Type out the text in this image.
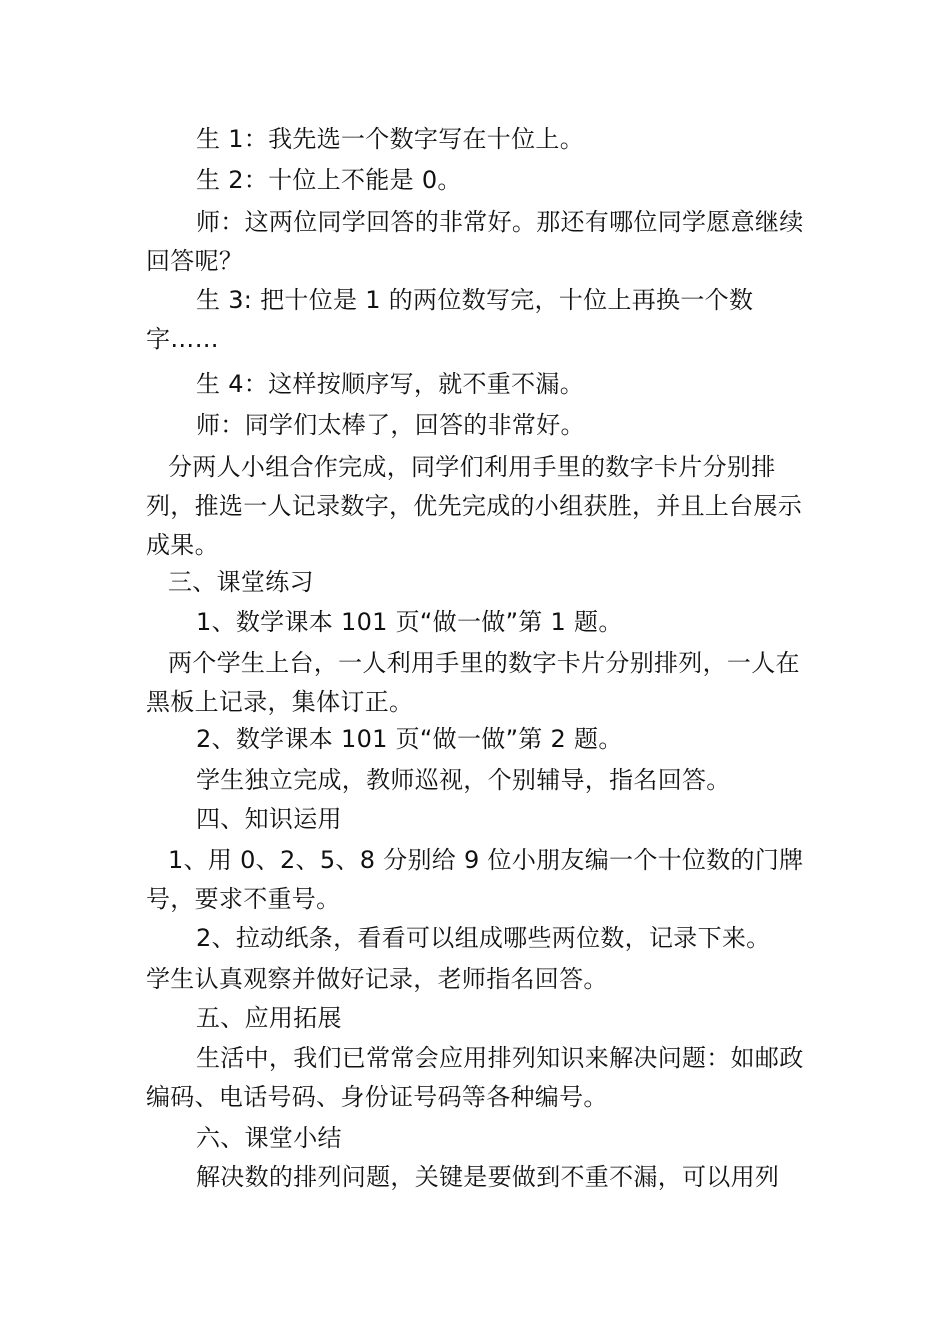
生 1：我先选一个数字写在十位上。

生 2：十位上不能是 0。

师：这两位同学回答的非常好。那还有哪位同学愿意继续回答呢？

生 3: 把十位是 1 的两位数写完，十位上再换一个数字……

生 4：这样按顺序写，就不重不漏。

师：同学们太棒了，回答的非常好。

分两人小组合作完成，同学们利用手里的数字卡片分别排列，推选一人记录数字，优先完成的小组获胜，并且上台展示成果。

三、课堂练习

1、数学课本 101 页“做一做”第 1 题。

两个学生上台，一人利用手里的数字卡片分别排列，一人在黑板上记录，集体订正。

2、数学课本 101 页“做一做”第 2 题。

学生独立完成，教师巡视，个别辅导，指名回答。

四、知识运用

1、用 0、2、5、8 分别给 9 位小朋友编一个十位数的门牌号，要求不重号。

2、拉动纸条，看看可以组成哪些两位数，记录下来。

学生认真观察并做好记录，老师指名回答。

五、应用拓展

生活中，我们已常常会应用排列知识来解决问题：如邮政编码、电话号码、身份证号码等各种编号。

六、课堂小结

解决数的排列问题，关键是要做到不重不漏，可以用列
